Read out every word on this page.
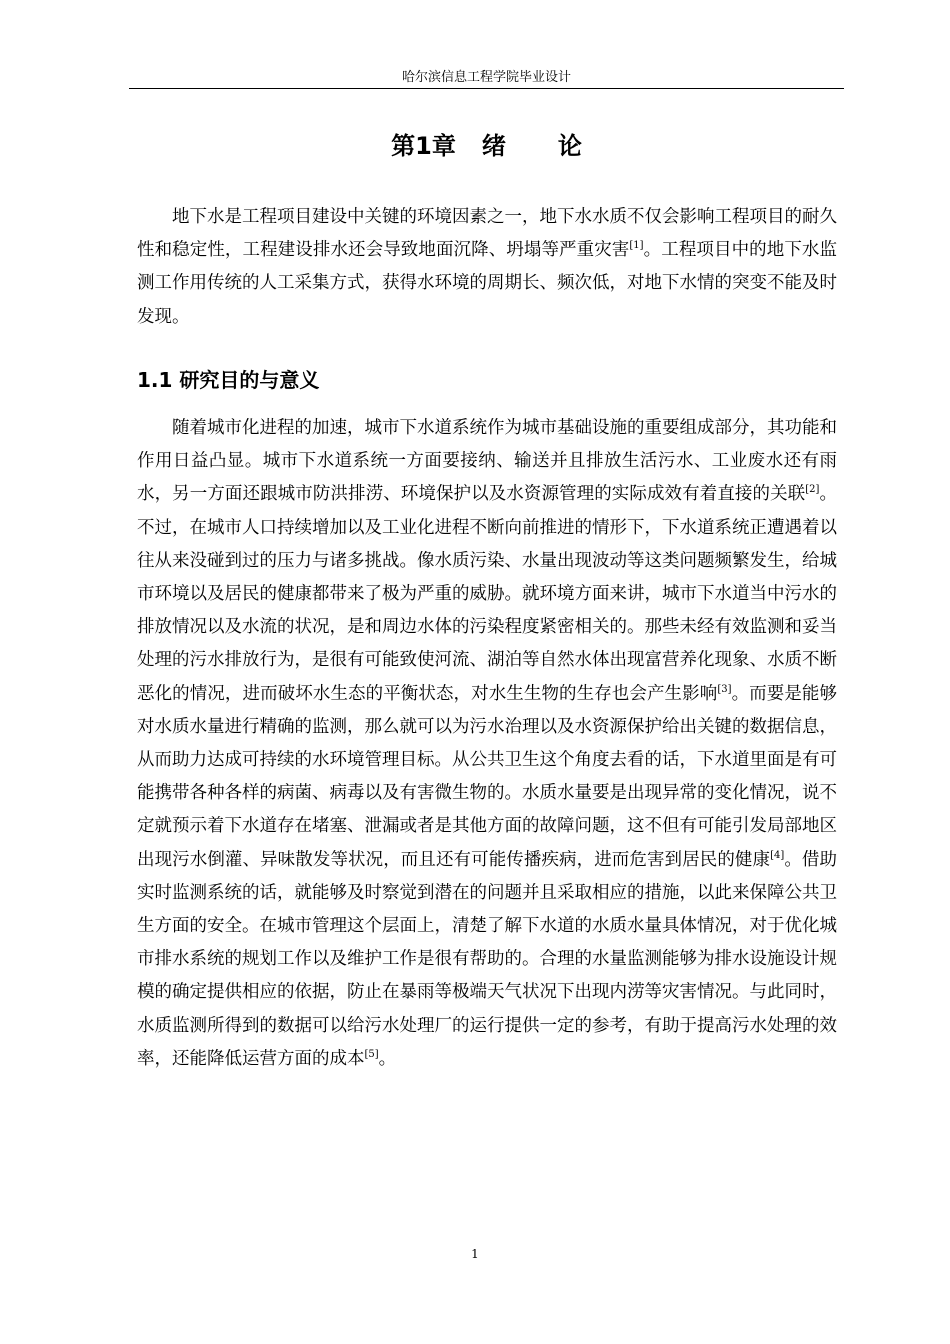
哈尔滨信息工程学院毕业设计
第1章 绪 论

地下水是工程项目建设中关键的环境因素之一，地下水水质不仅会影响工程项目的耐久性和稳定性，工程建设排水还会导致地面沉降、坍塌等严重灾害[1]。工程项目中的地下水监测工作用传统的人工采集方式，获得水环境的周期长、频次低，对地下水情的突变不能及时发现。

1.1 研究目的与意义

随着城市化进程的加速，城市下水道系统作为城市基础设施的重要组成部分，其功能和作用日益凸显。城市下水道系统一方面要接纳、输送并且排放生活污水、工业废水还有雨水，另一方面还跟城市防洪排涝、环境保护以及水资源管理的实际成效有着直接的关联[2]。不过，在城市人口持续增加以及工业化进程不断向前推进的情形下，下水道系统正遭遇着以往从来没碰到过的压力与诸多挑战。像水质污染、水量出现波动等这类问题频繁发生，给城市环境以及居民的健康都带来了极为严重的威胁。就环境方面来讲，城市下水道当中污水的排放情况以及水流的状况，是和周边水体的污染程度紧密相关的。那些未经有效监测和妥当处理的污水排放行为，是很有可能致使河流、湖泊等自然水体出现富营养化现象、水质不断恶化的情况，进而破坏水生态的平衡状态，对水生生物的生存也会产生影响[3]。而要是能够对水质水量进行精确的监测，那么就可以为污水治理以及水资源保护给出关键的数据信息，从而助力达成可持续的水环境管理目标。从公共卫生这个角度去看的话，下水道里面是有可能携带各种各样的病菌、病毒以及有害微生物的。水质水量要是出现异常的变化情况，说不定就预示着下水道存在堵塞、泄漏或者是其他方面的故障问题，这不但有可能引发局部地区出现污水倒灌、异味散发等状况，而且还有可能传播疾病，进而危害到居民的健康[4]。借助实时监测系统的话，就能够及时察觉到潜在的问题并且采取相应的措施，以此来保障公共卫生方面的安全。在城市管理这个层面上，清楚了解下水道的水质水量具体情况，对于优化城市排水系统的规划工作以及维护工作是很有帮助的。合理的水量监测能够为排水设施设计规模的确定提供相应的依据，防止在暴雨等极端天气状况下出现内涝等灾害情况。与此同时，水质监测所得到的数据可以给污水处理厂的运行提供一定的参考，有助于提高污水处理的效率，还能降低运营方面的成本[5]。

1
